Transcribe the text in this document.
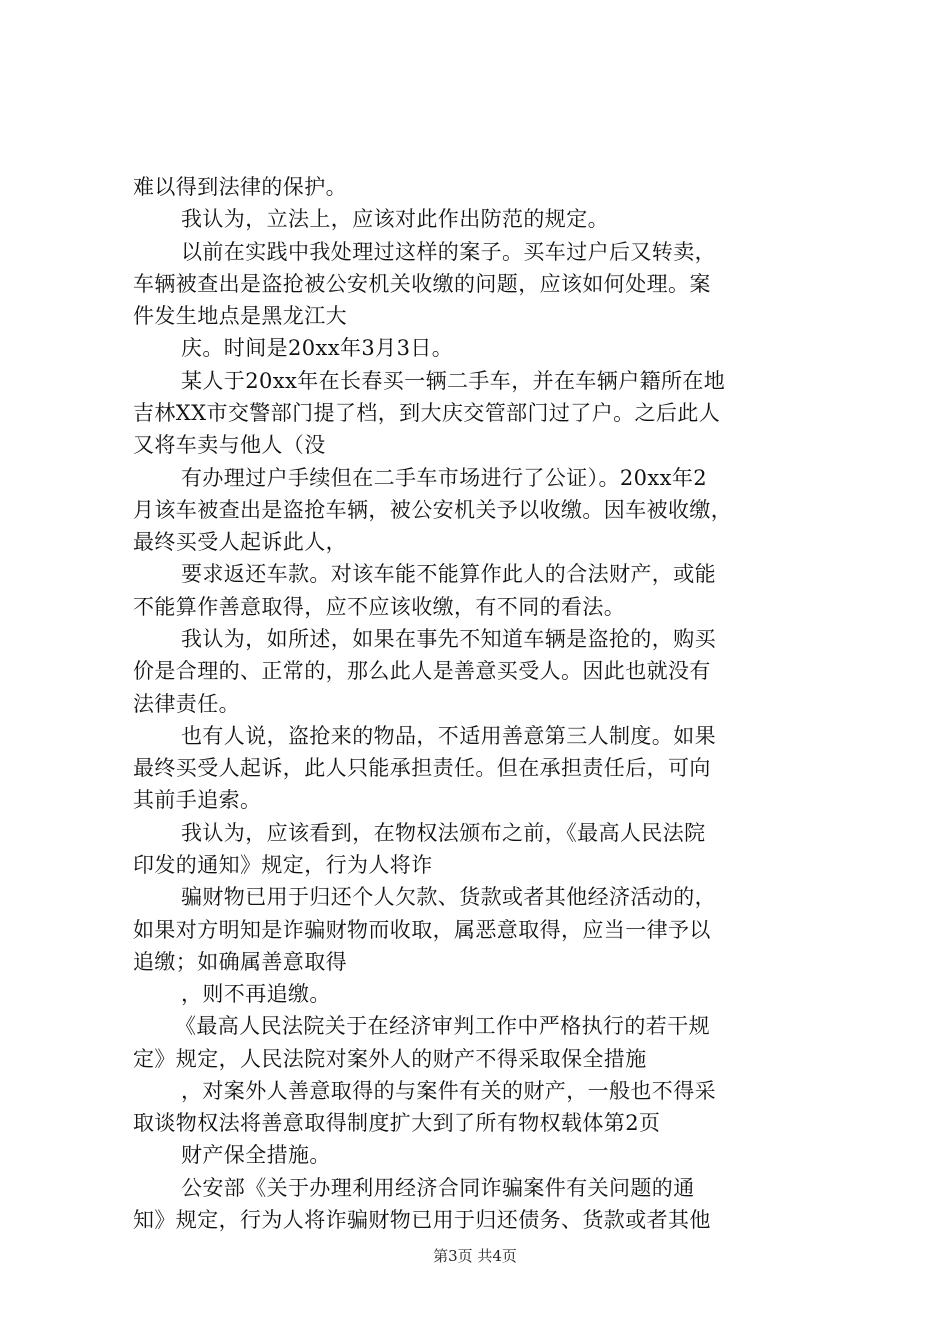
难以得到法律的保护。
我认为，立法上，应该对此作出防范的规定。
以前在实践中我处理过这样的案子。买车过户后又转卖，
车辆被查出是盗抢被公安机关收缴的问题，应该如何处理。案
件发生地点是黑龙江大
庆。时间是20xx年3月3日。
某人于20xx年在长春买一辆二手车，并在车辆户籍所在地
吉林XX市交警部门提了档，到大庆交管部门过了户。之后此人
又将车卖与他人（没
有办理过户手续但在二手车市场进行了公证）。20xx年2
月该车被查出是盗抢车辆，被公安机关予以收缴。因车被收缴，
最终买受人起诉此人，
要求返还车款。对该车能不能算作此人的合法财产，或能
不能算作善意取得，应不应该收缴，有不同的看法。
我认为，如所述，如果在事先不知道车辆是盗抢的，购买
价是合理的、正常的，那么此人是善意买受人。因此也就没有
法律责任。
也有人说，盗抢来的物品，不适用善意第三人制度。如果
最终买受人起诉，此人只能承担责任。但在承担责任后，可向
其前手追索。
我认为，应该看到，在物权法颁布之前，《最高人民法院
印发的通知》规定，行为人将诈
骗财物已用于归还个人欠款、货款或者其他经济活动的，
如果对方明知是诈骗财物而收取，属恶意取得，应当一律予以
追缴；如确属善意取得
，则不再追缴。
《最高人民法院关于在经济审判工作中严格执行的若干规
定》规定，人民法院对案外人的财产不得采取保全措施
，对案外人善意取得的与案件有关的财产，一般也不得采
取谈物权法将善意取得制度扩大到了所有物权载体第2页
财产保全措施。
公安部《关于办理利用经济合同诈骗案件有关问题的通
知》规定，行为人将诈骗财物已用于归还债务、货款或者其他
第3页 共4页
